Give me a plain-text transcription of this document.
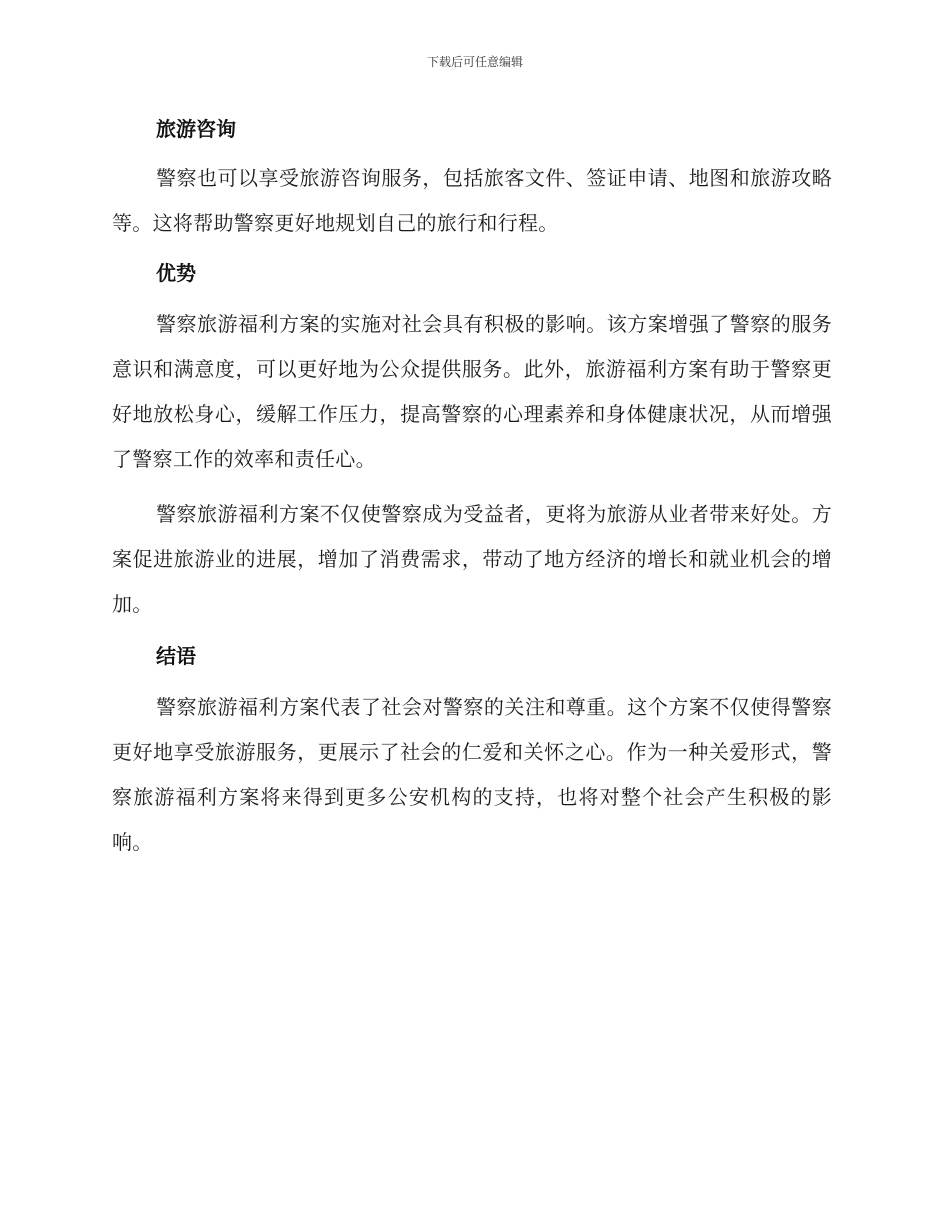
下载后可任意编辑
旅游咨询

警察也可以享受旅游咨询服务，包括旅客文件、签证申请、地图和旅游攻略等。这将帮助警察更好地规划自己的旅行和行程。

优势

警察旅游福利方案的实施对社会具有积极的影响。该方案增强了警察的服务意识和满意度，可以更好地为公众提供服务。此外，旅游福利方案有助于警察更好地放松身心，缓解工作压力，提高警察的心理素养和身体健康状况，从而增强了警察工作的效率和责任心。

警察旅游福利方案不仅使警察成为受益者，更将为旅游从业者带来好处。方案促进旅游业的进展，增加了消费需求，带动了地方经济的增长和就业机会的增加。

结语

警察旅游福利方案代表了社会对警察的关注和尊重。这个方案不仅使得警察更好地享受旅游服务，更展示了社会的仁爱和关怀之心。作为一种关爱形式，警察旅游福利方案将来得到更多公安机构的支持，也将对整个社会产生积极的影响。
